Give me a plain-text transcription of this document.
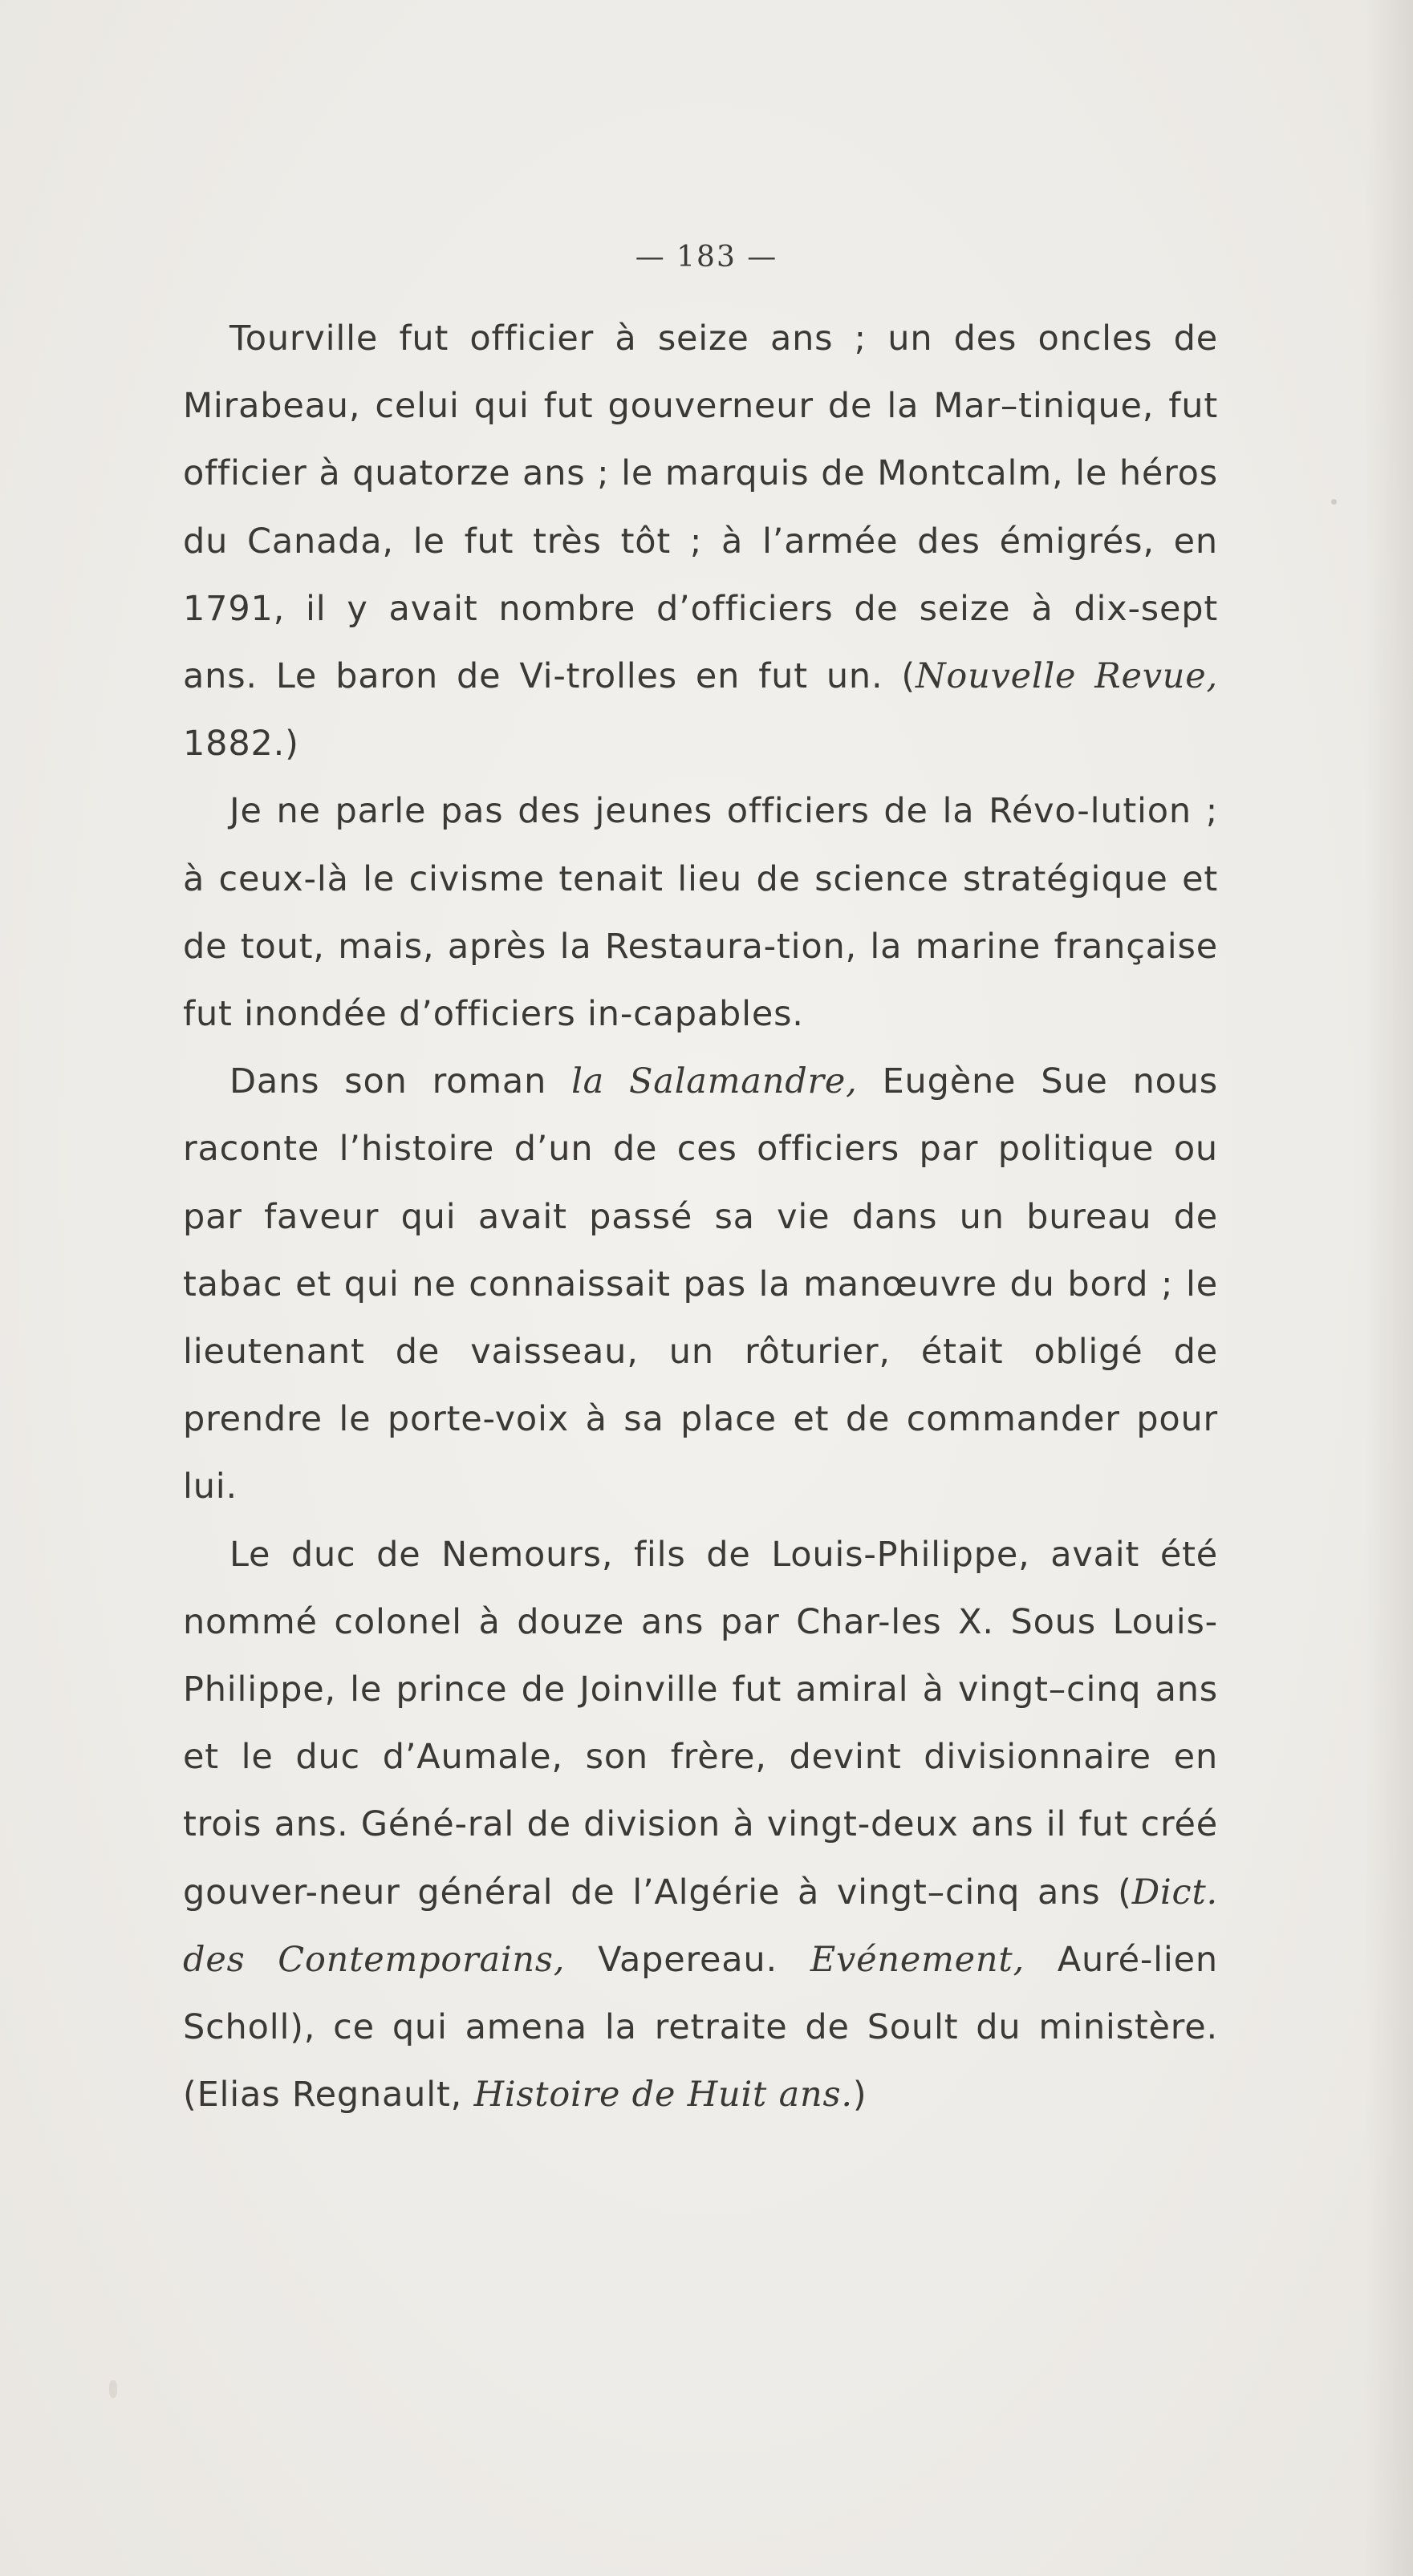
— 183 —

Tourville fut officier à seize ans ; un des oncles de Mirabeau, celui qui fut gouverneur de la Mar–tinique, fut officier à quatorze ans ; le marquis de Montcalm, le héros du Canada, le fut très tôt ; à l’armée des émigrés, en 1791, il y avait nombre d’officiers de seize à dix-sept ans. Le baron de Vi-trolles en fut un. (Nouvelle Revue, 1882.)

Je ne parle pas des jeunes officiers de la Révo-lution ; à ceux-là le civisme tenait lieu de science stratégique et de tout, mais, après la Restaura-tion, la marine française fut inondée d’officiers in-capables.

Dans son roman la Salamandre, Eugène Sue nous raconte l’histoire d’un de ces officiers par politique ou par faveur qui avait passé sa vie dans un bureau de tabac et qui ne connaissait pas la manœuvre du bord ; le lieutenant de vaisseau, un rôturier, était obligé de prendre le porte-voix à sa place et de commander pour lui.

Le duc de Nemours, fils de Louis-Philippe, avait été nommé colonel à douze ans par Char-les X. Sous Louis-Philippe, le prince de Joinville fut amiral à vingt–cinq ans et le duc d’Aumale, son frère, devint divisionnaire en trois ans. Géné-ral de division à vingt-deux ans il fut créé gouver-neur général de l’Algérie à vingt–cinq ans (Dict. des Contemporains, Vapereau. Evénement, Auré-lien Scholl), ce qui amena la retraite de Soult du ministère. (Elias Regnault, Histoire de Huit ans.)
